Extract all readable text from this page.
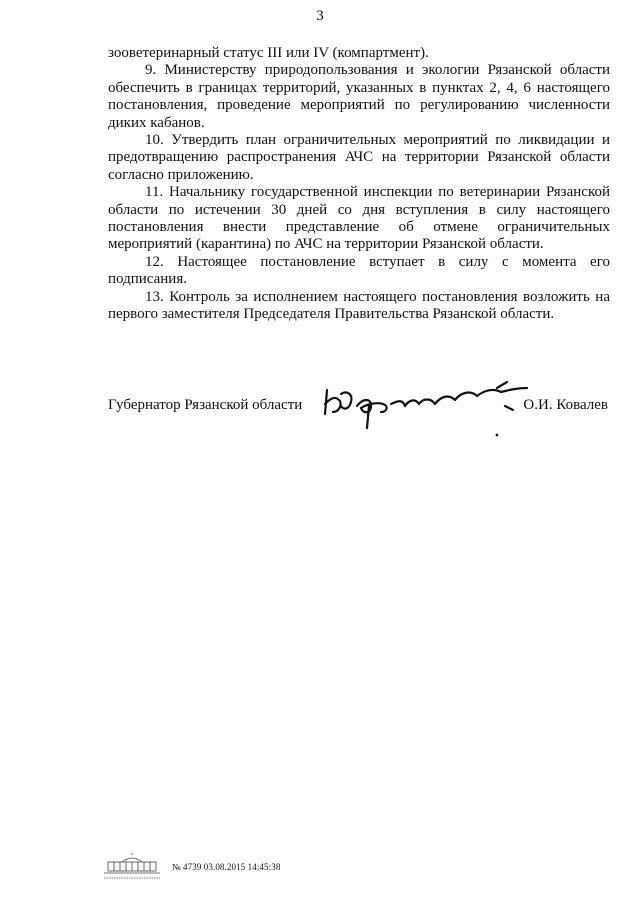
3

зооветеринарный статус III или IV (компартмент).

9. Министерству природопользования и экологии Рязанской области обеспечить в границах территорий, указанных в пунктах 2, 4, 6 настоящего постановления, проведение мероприятий по регулированию численности диких кабанов.

10. Утвердить план ограничительных мероприятий по ликвидации и предотвращению распространения АЧС на территории Рязанской области согласно приложению.

11. Начальнику государственной инспекции по ветеринарии Рязанской области по истечении 30 дней со дня вступления в силу настоящего постановления внести представление об отмене ограничительных мероприятий (карантина) по АЧС на территории Рязанской области.

12. Настоящее постановление вступает в силу с момента его подписания.

13. Контроль за исполнением настоящего постановления возложить на первого заместителя Председателя Правительства Рязанской области.

Губернатор Рязанской области	О.И. Ковалев
№ 4739 03.08.2015 14:45:38
